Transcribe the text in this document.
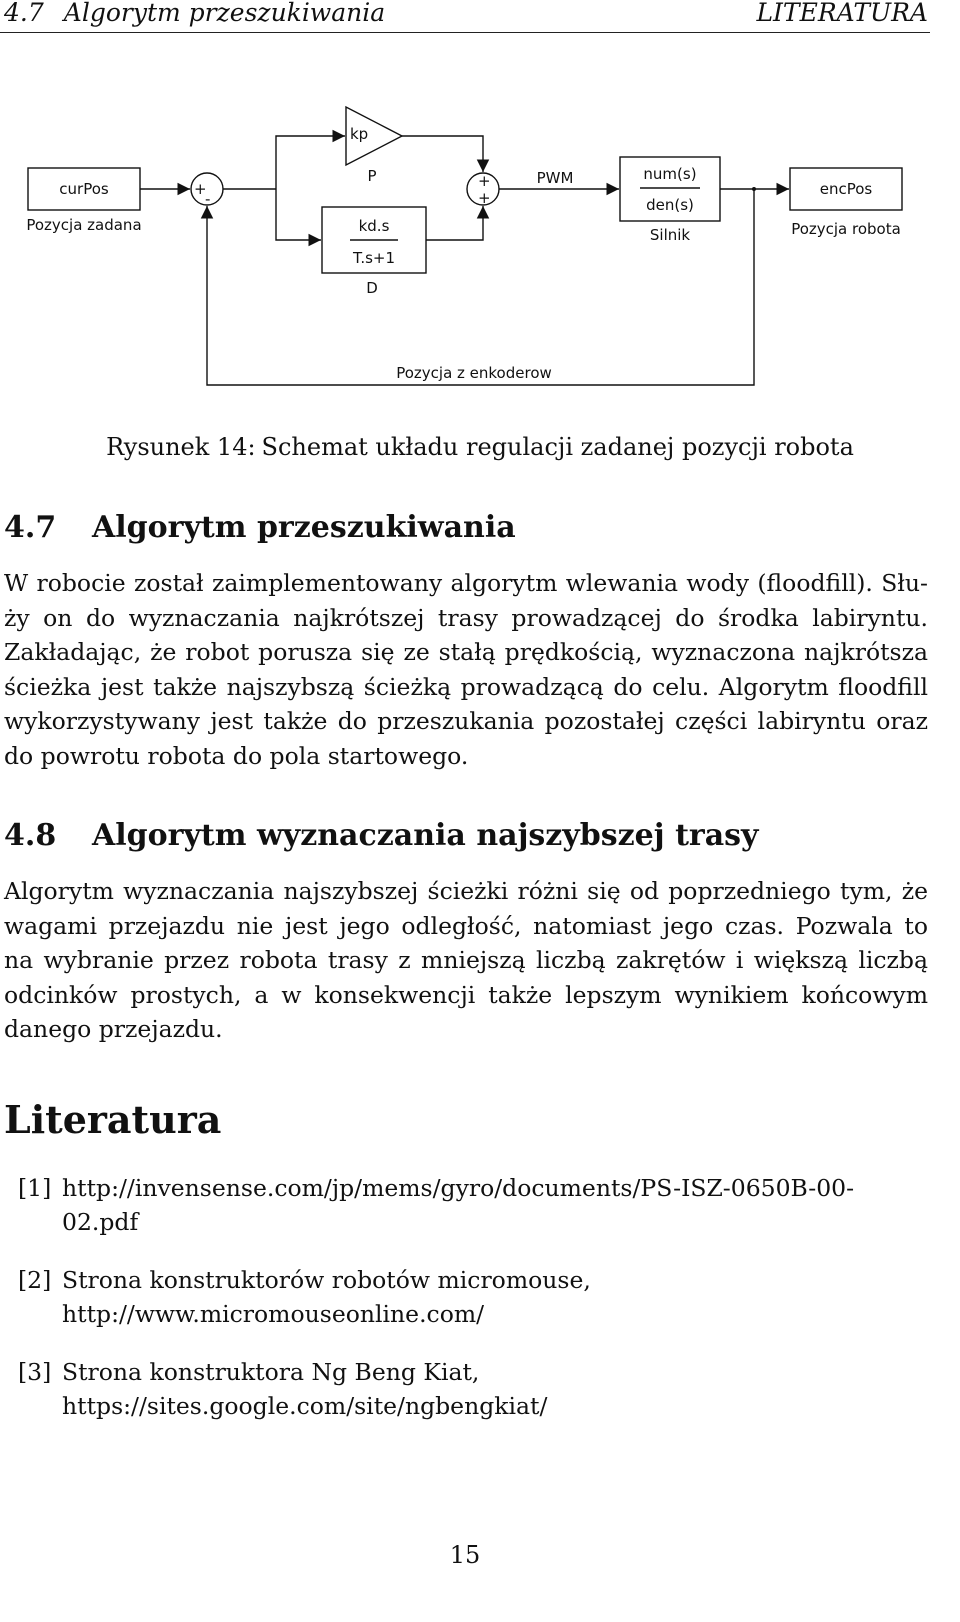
4.7 Algorytm przeszukiwania	LITERATURA
curPos
Pozycja zadana
+
-
kp
P
kd.s
T.s+1
D
+
+
PWM	num(s)
den(s)
Silnik
encPos
Pozycja robota
Pozycja z enkoderow
Rysunek 14: Schemat układu regulacji zadanej pozycji robota
4.7 Algorytm przeszukiwania
W robocie został zaimplementowany algorytm wlewania wody (floodfill). Słu-
ży on do wyznaczania najkrótszej trasy prowadzącej do środka labiryntu.
Zakładając, że robot porusza się ze stałą prędkością, wyznaczona najkrótsza
ścieżka jest także najszybszą ścieżką prowadzącą do celu. Algorytm floodfill
wykorzystywany jest także do przeszukania pozostałej części labiryntu oraz
do powrotu robota do pola startowego.
4.8 Algorytm wyznaczania najszybszej trasy
Algorytm wyznaczania najszybszej ścieżki różni się od poprzedniego tym, że
wagami przejazdu nie jest jego odległość, natomiast jego czas. Pozwala to
na wybranie przez robota trasy z mniejszą liczbą zakrętów i większą liczbą
odcinków prostych, a w konsekwencji także lepszym wynikiem końcowym
danego przejazdu.
Literatura
[1] http://invensense.com/jp/mems/gyro/documents/PS-ISZ-0650B-00-
02.pdf
[2] Strona konstruktorów robotów micromouse,
http://www.micromouseonline.com/
[3] Strona konstruktora Ng Beng Kiat,
https://sites.google.com/site/ngbengkiat/
15
